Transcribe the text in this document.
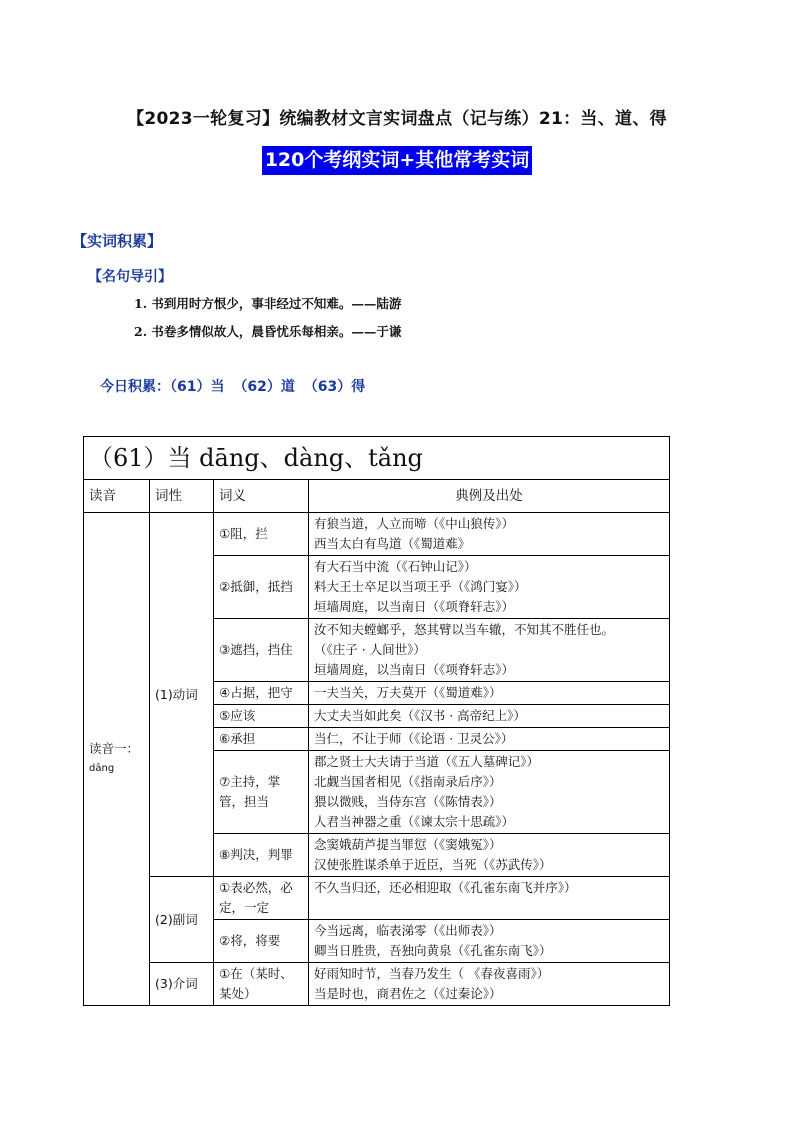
【2023一轮复习】统编教材文言实词盘点（记与练）21：当、道、得
120个考纲实词+其他常考实词
【实词积累】
【名句导引】
1. 书到用时方恨少，事非经过不知难。——陆游
2. 书卷多情似故人，晨昏忧乐每相亲。——于谦
今日积累：（61）当 （62）道 （63）得
（61）当 dāng、dàng、tǎng			
读音	词性	词义	典例及出处
读音一：
dāng	(1)动词	①阻，拦	有狼当道，人立而啼（《中山狼传》）
西当太白有鸟道（《蜀道难》

		②抵御，抵挡	有大石当中流（《石钟山记》）
料大王士卒足以当项王乎（《鸿门宴》）
垣墙周庭，以当南日（《项脊轩志》）

		③遮挡，挡住	汝不知夫螳螂乎，怒其臂以当车辙，不知其不胜任也。
（《庄子 · 人间世》）
垣墙周庭，以当南日（《项脊轩志》）

		④占据，把守	一夫当关，万夫莫开（《蜀道难》）

		⑤应该	大丈夫当如此矣（《汉书 · 高帝纪上》）

		⑥承担	当仁，不让于师（《论语 · 卫灵公》）

		⑦主持，掌管，担当	郡之贤士大夫请于当道（《五人墓碑记》）
北觑当国者相见（《指南录后序》）
猥以微贱，当侍东宫（《陈情表》）
人君当神器之重（《谏太宗十思疏》）

		⑧判决，判罪	念窦娥葫芦提当罪愆（《窦娥冤》）
汉使张胜谋杀单于近臣，当死（《苏武传》）

	(2)副词	①表必然，必定，一定	不久当归还，还必相迎取（《孔雀东南飞并序》）

		②将，将要	今当远离，临表涕零（《出师表》）
卿当日胜贵，吾独向黄泉（《孔雀东南飞》）

	(3)介词	①在（某时、某处）	好雨知时节，当春乃发生（ 《春夜喜雨》）
当是时也，商君佐之（《过秦论》）
